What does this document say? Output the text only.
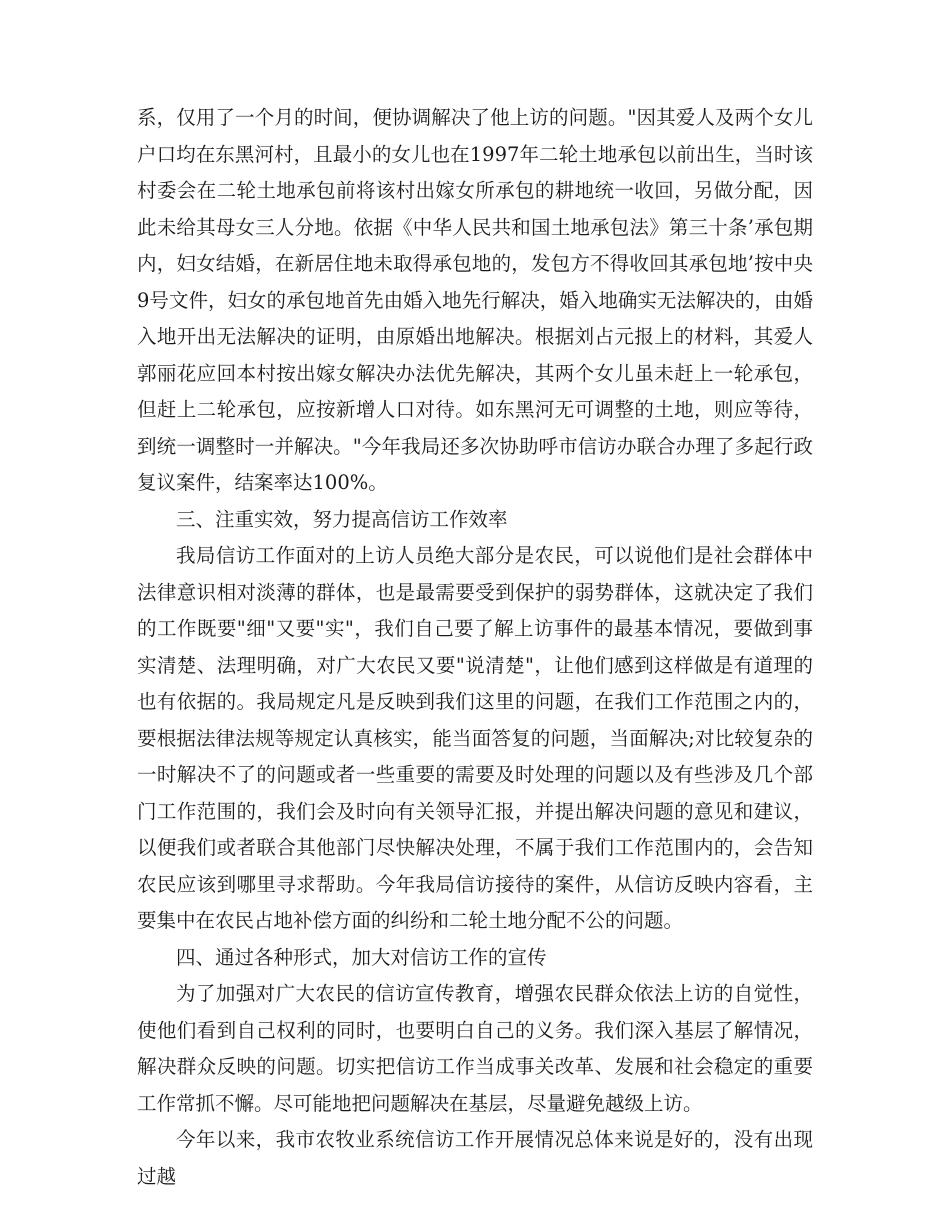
系，仅用了一个月的时间，便协调解决了他上访的问题。"因其爱人及两个女儿户口均在东黑河村，且最小的女儿也在1997年二轮土地承包以前出生，当时该村委会在二轮土地承包前将该村出嫁女所承包的耕地统一收回，另做分配，因此未给其母女三人分地。依据《中华人民共和国土地承包法》第三十条’承包期内，妇女结婚，在新居住地未取得承包地的，发包方不得收回其承包地’按中央9号文件，妇女的承包地首先由婚入地先行解决，婚入地确实无法解决的，由婚入地开出无法解决的证明，由原婚出地解决。根据刘占元报上的材料，其爱人郭丽花应回本村按出嫁女解决办法优先解决，其两个女儿虽未赶上一轮承包，但赶上二轮承包，应按新增人口对待。如东黑河无可调整的土地，则应等待，到统一调整时一并解决。"今年我局还多次协助呼市信访办联合办理了多起行政复议案件，结案率达100%。

三、注重实效，努力提高信访工作效率

我局信访工作面对的上访人员绝大部分是农民，可以说他们是社会群体中法律意识相对淡薄的群体，也是最需要受到保护的弱势群体，这就决定了我们的工作既要"细"又要"实"，我们自己要了解上访事件的最基本情况，要做到事实清楚、法理明确，对广大农民又要"说清楚"，让他们感到这样做是有道理的也有依据的。我局规定凡是反映到我们这里的问题，在我们工作范围之内的，要根据法律法规等规定认真核实，能当面答复的问题，当面解决;对比较复杂的一时解决不了的问题或者一些重要的需要及时处理的问题以及有些涉及几个部门工作范围的，我们会及时向有关领导汇报，并提出解决问题的意见和建议，以便我们或者联合其他部门尽快解决处理，不属于我们工作范围内的，会告知农民应该到哪里寻求帮助。今年我局信访接待的案件，从信访反映内容看，主要集中在农民占地补偿方面的纠纷和二轮土地分配不公的问题。

四、通过各种形式，加大对信访工作的宣传

为了加强对广大农民的信访宣传教育，增强农民群众依法上访的自觉性，使他们看到自己权利的同时，也要明白自己的义务。我们深入基层了解情况，解决群众反映的问题。切实把信访工作当成事关改革、发展和社会稳定的重要工作常抓不懈。尽可能地把问题解决在基层，尽量避免越级上访。

今年以来，我市农牧业系统信访工作开展情况总体来说是好的，没有出现过越
